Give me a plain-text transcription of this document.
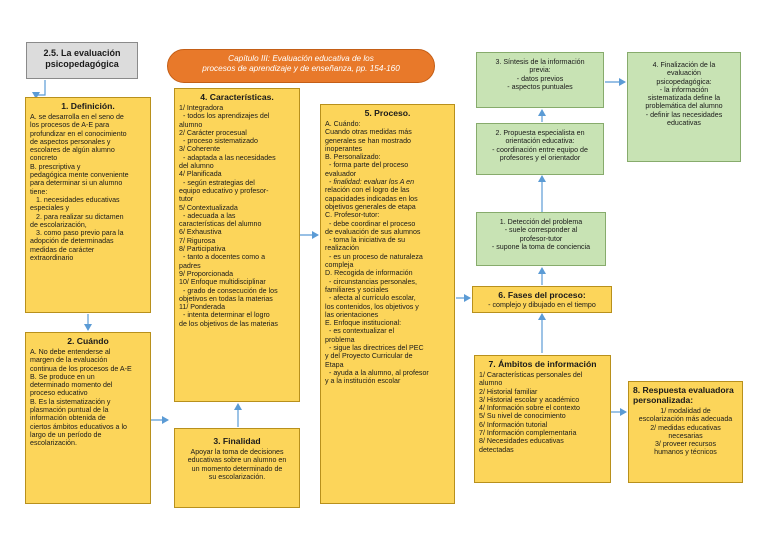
2.5. La evaluación
psicopedagógica
Capítulo III: Evaluación educativa de los
procesos de aprendizaje y de enseñanza, pp. 154-160
1. Definición.
A. se desarrolla en el seno de
los procesos de A-E para
profundizar en el conocimiento
de aspectos personales y
escolares de algún alumno
concreto
B. prescriptiva y
pedagógica mente conveniente
para determinar si un alumno
tiene:
1. necesidades educativas
especiales y
2. para realizar su dictamen
de escolarización,
3. como paso previo para la
adopción de determinadas
medidas de carácter
extraordinario
2. Cuándo
A. No debe entenderse al
margen de la evaluación
continua de los procesos de A-E
B. Se produce en un
determinado momento del
proceso educativo
B. Es la sistematización y
plasmación puntual de la
información obtenida de
ciertos ámbitos educativos a lo
largo de un período de
escolarización.
4. Características.
1/ Integradora
- todos los aprendizajes del
alumno
2/ Carácter procesual
- proceso sistematizado
3/ Coherente
- adaptada a las necesidades
del alumno
4/ Planificada
- según estrategias del
equipo educativo y profesor-
tutor
5/ Contextualizada
- adecuada a las
características del alumno
6/ Exhaustiva
7/ Rigurosa
8/ Participativa
- tanto a docentes como a
padres
9/ Proporcionada
10/ Enfoque multidisciplinar
- grado de consecución de los
objetivos en todas la materias
11/ Ponderada
- intenta determinar el logro
de los objetivos de las materias
3. Finalidad
Apoyar la toma de decisiones
educativas sobre un alumno en
un momento determinado de
su escolarización.
5. Proceso.
A. Cuándo:
Cuando otras medidas más
generales se han mostrado
inoperantes
B. Personalizado:
- forma parte del proceso
evaluador
- finalidad: evaluar los A en
relación con el logro de las
capacidades indicadas en los
objetivos generales de etapa
C. Profesor-tutor:
- debe coordinar el proceso
de evaluación de sus alumnos
- toma la iniciativa de su
realización
- es un proceso de naturaleza
compleja
D. Recogida de información
- circunstancias personales,
familiares y sociales
- afecta al currículo escolar,
los contenidos, los objetivos y
las orientaciones
E. Enfoque institucional:
- es contextualizar el
problema
- sigue las directrices del PEC
y del Proyecto Curricular de
Etapa
- ayuda a la alumno, al profesor
y a la institución escolar
3. Síntesis de la información
previa:
- datos previos
- aspectos puntuales
4. Finalización de la
evaluación
psicopedagógica:
- la información
sistematizada define la
problemática del alumno
- definir las necesidades
educativas
2. Propuesta especialista en
orientación educativa:
- coordinación entre equipo de
profesores y el orientador
1. Detección del problema
- suele corresponder al
profesor-tutor
- supone la toma de conciencia
6. Fases del proceso:
- complejo y dibujado en el tiempo
7. Ámbitos de información
1/ Características personales del
alumno
2/ Historial familiar
3/ Historial escolar y académico
4/ Información sobre el contexto
5/ Su nivel de conocimiento
6/ Información tutorial
7/ Información complementaria
8/ Necesidades educativas
detectadas
8. Respuesta evaluadora personalizada:
1/ modalidad de
escolarización más adecuada
2/ medidas educativas
necesarias
3/ proveer recursos
humanos y técnicos
